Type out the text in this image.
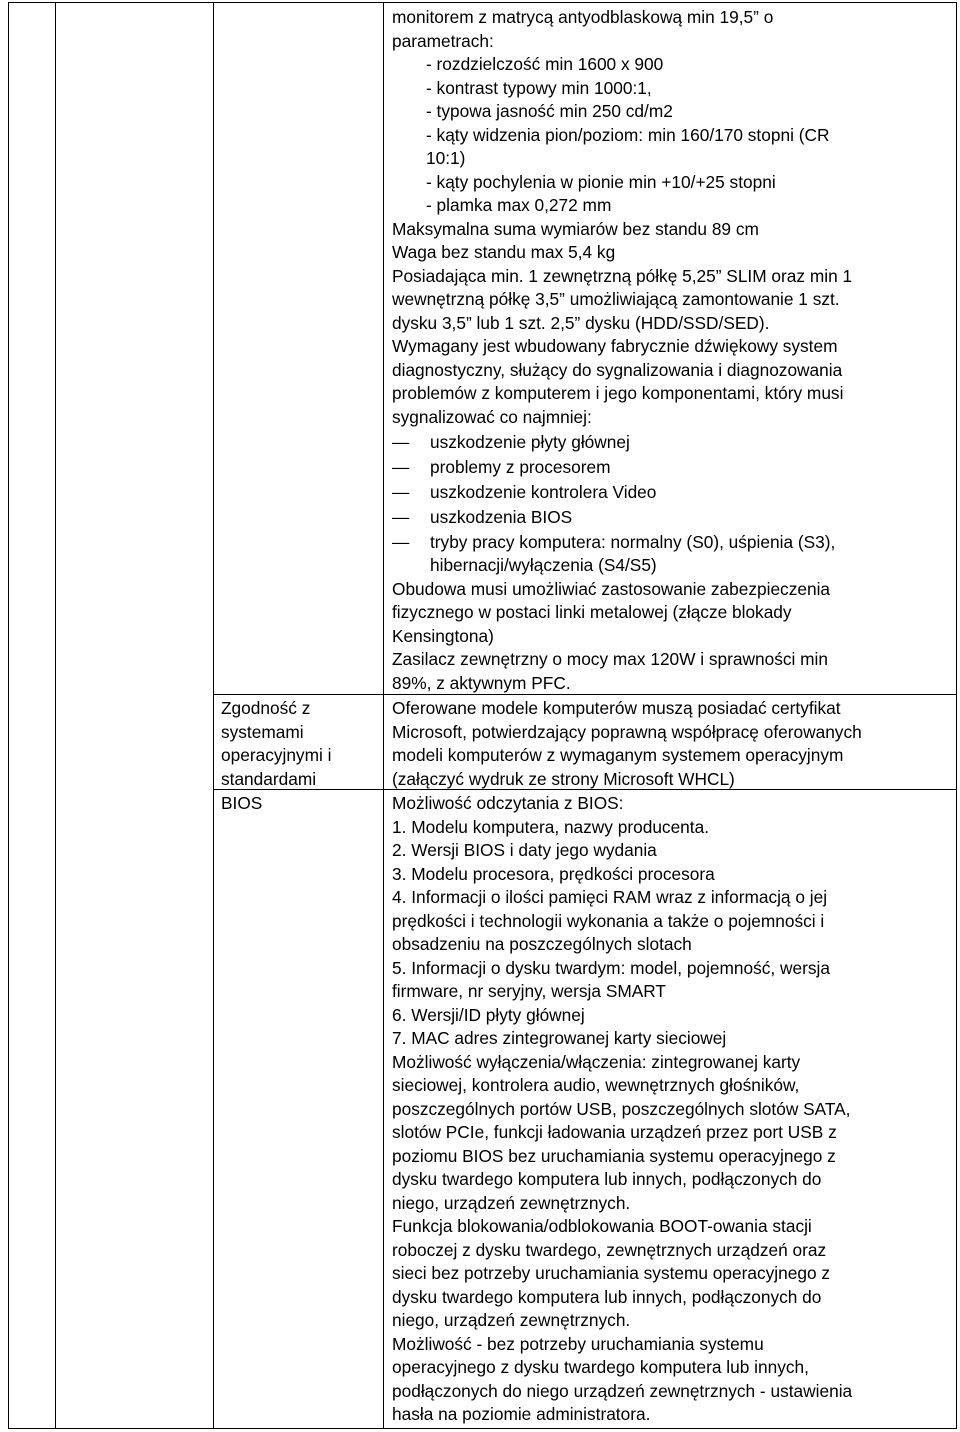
monitorem z matrycą antyodblaskową min 19,5” o
parametrach:
- rozdzielczość min 1600 x 900
- kontrast typowy min 1000:1,
- typowa jasność min 250 cd/m2
- kąty widzenia pion/poziom: min 160/170 stopni (CR
10:1)
- kąty pochylenia w pionie min +10/+25 stopni
- plamka max 0,272 mm
Maksymalna suma wymiarów bez standu 89 cm
Waga bez standu max 5,4 kg
Posiadająca min. 1 zewnętrzną półkę 5,25” SLIM oraz min 1
wewnętrzną półkę 3,5” umożliwiającą zamontowanie 1 szt.
dysku 3,5” lub 1 szt. 2,5” dysku (HDD/SSD/SED).
Wymagany jest wbudowany fabrycznie dźwiękowy system
diagnostyczny, służący do sygnalizowania i diagnozowania
problemów z komputerem i jego komponentami, który musi
sygnalizować co najmniej:
— uszkodzenie płyty głównej
— problemy z procesorem
— uszkodzenie kontrolera Video
— uszkodzenia BIOS
— tryby pracy komputera: normalny (S0), uśpienia (S3),
hibernacji/wyłączenia (S4/S5)
Obudowa musi umożliwiać zastosowanie zabezpieczenia
fizycznego w postaci linki metalowej (złącze blokady
Kensingtona)
Zasilacz zewnętrzny o mocy max 120W i sprawności min
89%, z aktywnym PFC.
Zgodność z
systemami
operacyjnymi i
standardami
Oferowane modele komputerów muszą posiadać certyfikat
Microsoft, potwierdzający poprawną współpracę oferowanych
modeli komputerów z wymaganym systemem operacyjnym
(załączyć wydruk ze strony Microsoft WHCL)
BIOS	Możliwość odczytania z BIOS:
1. Modelu komputera, nazwy producenta.
2. Wersji BIOS i daty jego wydania
3. Modelu procesora, prędkości procesora
4. Informacji o ilości pamięci RAM wraz z informacją o jej
prędkości i technologii wykonania a także o pojemności i
obsadzeniu na poszczególnych slotach
5. Informacji o dysku twardym: model, pojemność, wersja
firmware, nr seryjny, wersja SMART
6. Wersji/ID płyty głównej
7. MAC adres zintegrowanej karty sieciowej
Możliwość wyłączenia/włączenia: zintegrowanej karty
sieciowej, kontrolera audio, wewnętrznych głośników,
poszczególnych portów USB, poszczególnych slotów SATA,
slotów PCIe, funkcji ładowania urządzeń przez port USB z
poziomu BIOS bez uruchamiania systemu operacyjnego z
dysku twardego komputera lub innych, podłączonych do
niego, urządzeń zewnętrznych.
Funkcja blokowania/odblokowania BOOT-owania stacji
roboczej z dysku twardego, zewnętrznych urządzeń oraz
sieci bez potrzeby uruchamiania systemu operacyjnego z
dysku twardego komputera lub innych, podłączonych do
niego, urządzeń zewnętrznych.
Możliwość - bez potrzeby uruchamiania systemu
operacyjnego z dysku twardego komputera lub innych,
podłączonych do niego urządzeń zewnętrznych - ustawienia
hasła na poziomie administratora.
